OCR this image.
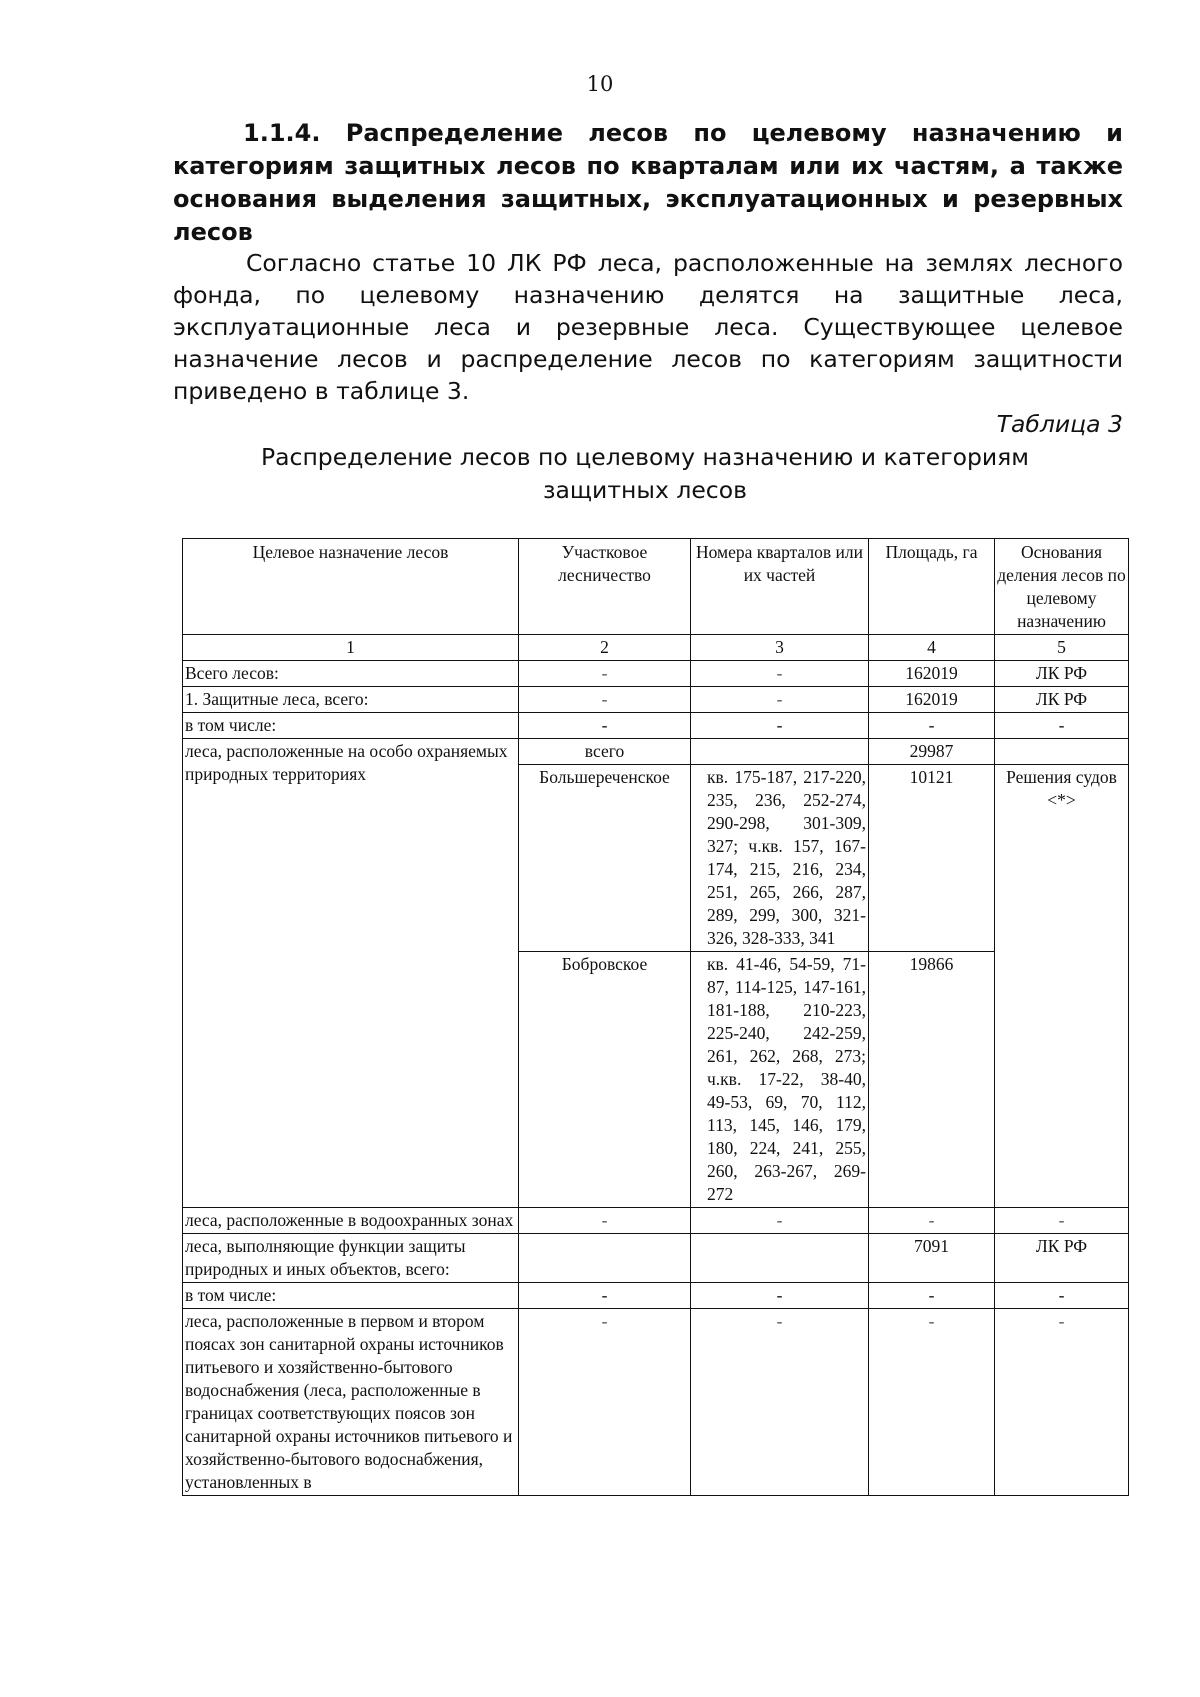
10

1.1.4. Распределение лесов по целевому назначению и категориям защитных лесов по кварталам или их частям, а также основания выделения защитных, эксплуатационных и резервных лесов

Согласно статье 10 ЛК РФ леса, расположенные на землях лесного фонда, по целевому назначению делятся на защитные леса, эксплуатационные леса и резервные леса. Существующее целевое назначение лесов и распределение лесов по категориям защитности приведено в таблице 3.

Таблица 3
Распределение лесов по целевому назначению и категориям защитных лесов
Целевое назначение лесов	Участковое лесничество	Номера кварталов или их частей	Площадь, га	Основания деления лесов по целевому назначению
1	2	3	4	5
Всего лесов:	-	-	162019	ЛК РФ
1. Защитные леса, всего:	-	-	162019	ЛК РФ
в том числе:	-	-	-	-
леса, расположенные на особо охраняемых природных территориях	всего		29987	
	Большереченское	кв. 175-187, 217-220, 235, 236, 252-274, 290-298, 301-309, 327; ч.кв. 157, 167-174, 215, 216, 234, 251, 265, 266, 287, 289, 299, 300, 321-326, 328-333, 341	10121	Решения судов <*>
	Бобровское	кв. 41-46, 54-59, 71-87, 114-125, 147-161, 181-188, 210-223, 225-240, 242-259, 261, 262, 268, 273; ч.кв. 17-22, 38-40, 49-53, 69, 70, 112, 113, 145, 146, 179, 180, 224, 241, 255, 260, 263-267, 269-272	19866	
леса, расположенные в водоохранных зонах	-	-	-	-
леса, выполняющие функции защиты природных и иных объектов, всего:			7091	ЛК РФ
в том числе:	-	-	-	-
леса, расположенные в первом и втором поясах зон санитарной охраны источников питьевого и хозяйственно-бытового водоснабжения (леса, расположенные в границах соответствующих поясов зон санитарной охраны источников питьевого и хозяйственно-бытового водоснабжения, установленных в	-	-	-	-
